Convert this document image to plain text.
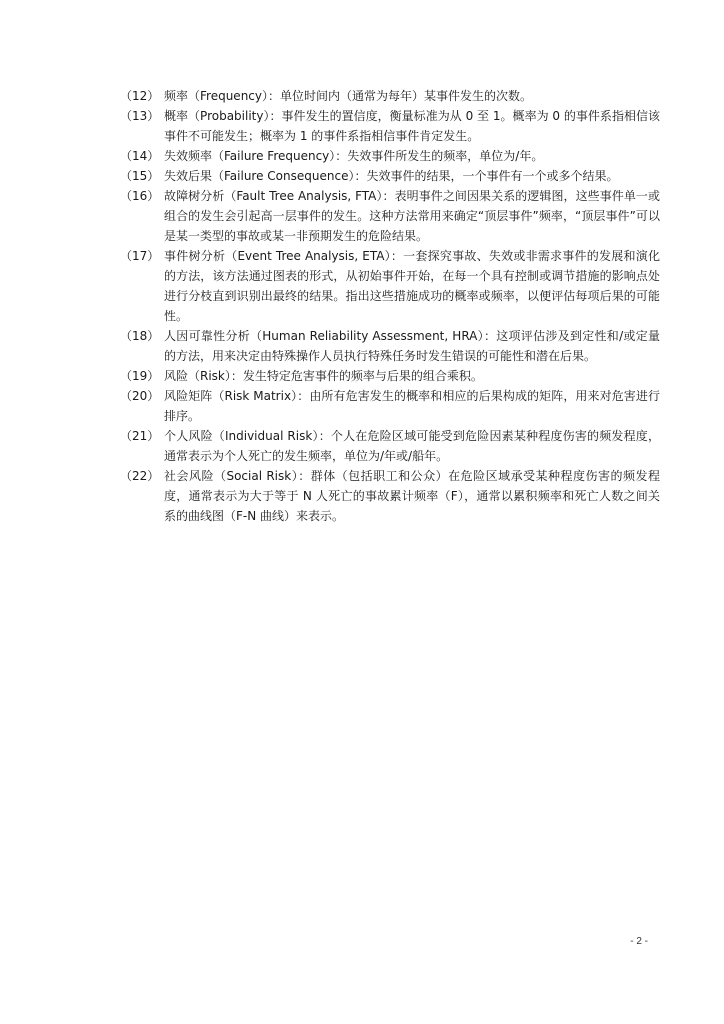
（12） 频率（Frequency）：单位时间内（通常为每年）某事件发生的次数。
（13） 概率（Probability）：事件发生的置信度，衡量标准为从 0 至 1。概率为 0 的事件系指相信该事件不可能发生；概率为 1 的事件系指相信事件肯定发生。
（14） 失效频率（Failure Frequency）：失效事件所发生的频率，单位为/年。
（15） 失效后果（Failure Consequence）：失效事件的结果，一个事件有一个或多个结果。
（16） 故障树分析（Fault Tree Analysis, FTA）：表明事件之间因果关系的逻辑图，这些事件单一或组合的发生会引起高一层事件的发生。这种方法常用来确定“顶层事件”频率，“顶层事件”可以是某一类型的事故或某一非预期发生的危险结果。
（17） 事件树分析（Event Tree Analysis, ETA）：一套探究事故、失效或非需求事件的发展和演化的方法，该方法通过图表的形式，从初始事件开始，在每一个具有控制或调节措施的影响点处进行分枝直到识别出最终的结果。指出这些措施成功的概率或频率，以便评估每项后果的可能性。
（18） 人因可靠性分析（Human Reliability Assessment, HRA）：这项评估涉及到定性和/或定量的方法，用来决定由特殊操作人员执行特殊任务时发生错误的可能性和潜在后果。
（19） 风险（Risk）：发生特定危害事件的频率与后果的组合乘积。
（20） 风险矩阵（Risk Matrix）：由所有危害发生的概率和相应的后果构成的矩阵，用来对危害进行排序。
（21） 个人风险（Individual Risk）：个人在危险区域可能受到危险因素某种程度伤害的频发程度，通常表示为个人死亡的发生频率，单位为/年或/船年。
（22） 社会风险（Social Risk）：群体（包括职工和公众）在危险区域承受某种程度伤害的频发程度，通常表示为大于等于 N 人死亡的事故累计频率（F），通常以累积频率和死亡人数之间关系的曲线图（F-N 曲线）来表示。
- 2 -
